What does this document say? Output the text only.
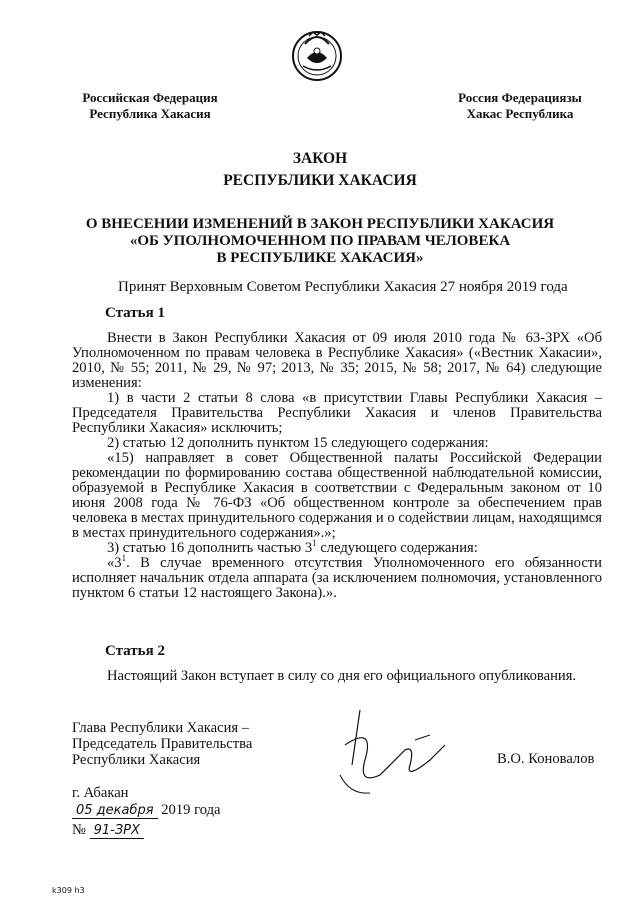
Российская Федерация
Республика Хакасия
Россия Федерациязы
Хакас Республика
ЗАКОН
РЕСПУБЛИКИ ХАКАСИЯ
О ВНЕСЕНИИ ИЗМЕНЕНИЙ В ЗАКОН РЕСПУБЛИКИ ХАКАСИЯ
«ОБ УПОЛНОМОЧЕННОМ ПО ПРАВАМ ЧЕЛОВЕКА
В РЕСПУБЛИКЕ ХАКАСИЯ»
Принят Верховным Советом Республики Хакасия 27 ноября 2019 года
Статья 1

Внести в Закон Республики Хакасия от 09 июля 2010 года № 63-ЗРХ «Об Уполномоченном по правам человека в Республике Хакасия» («Вестник Хакасии», 2010, № 55; 2011, № 29, № 97; 2013, № 35; 2015, № 58; 2017, № 64) следующие изменения:

1) в части 2 статьи 8 слова «в присутствии Главы Республики Хакасия – Председателя Правительства Республики Хакасия и членов Правительства Республики Хакасия» исключить;

2) статью 12 дополнить пунктом 15 следующего содержания:

«15) направляет в совет Общественной палаты Российской Федерации рекомендации по формированию состава общественной наблюдательной комиссии, образуемой в Республике Хакасия в соответствии с Федеральным законом от 10 июня 2008 года № 76-ФЗ «Об общественном контроле за обеспечением прав человека в местах принудительного содержания и о содействии лицам, находящимся в местах принудительного содержания».»;

3) статью 16 дополнить частью $3^1$ следующего содержания:

«$3^1$. В случае временного отсутствия Уполномоченного его обязанности исполняет начальник отдела аппарата (за исключением полномочия, установленного пунктом 6 статьи 12 настоящего Закона).».

Статья 2

Настоящий Закон вступает в силу со дня его официального опубликования.

Глава Республики Хакасия –
Председатель Правительства
Республики Хакасия	В.О. Коновалов
г. Абакан
05 декабря 2019 года
№ 91-ЗРХ
k309 h3
